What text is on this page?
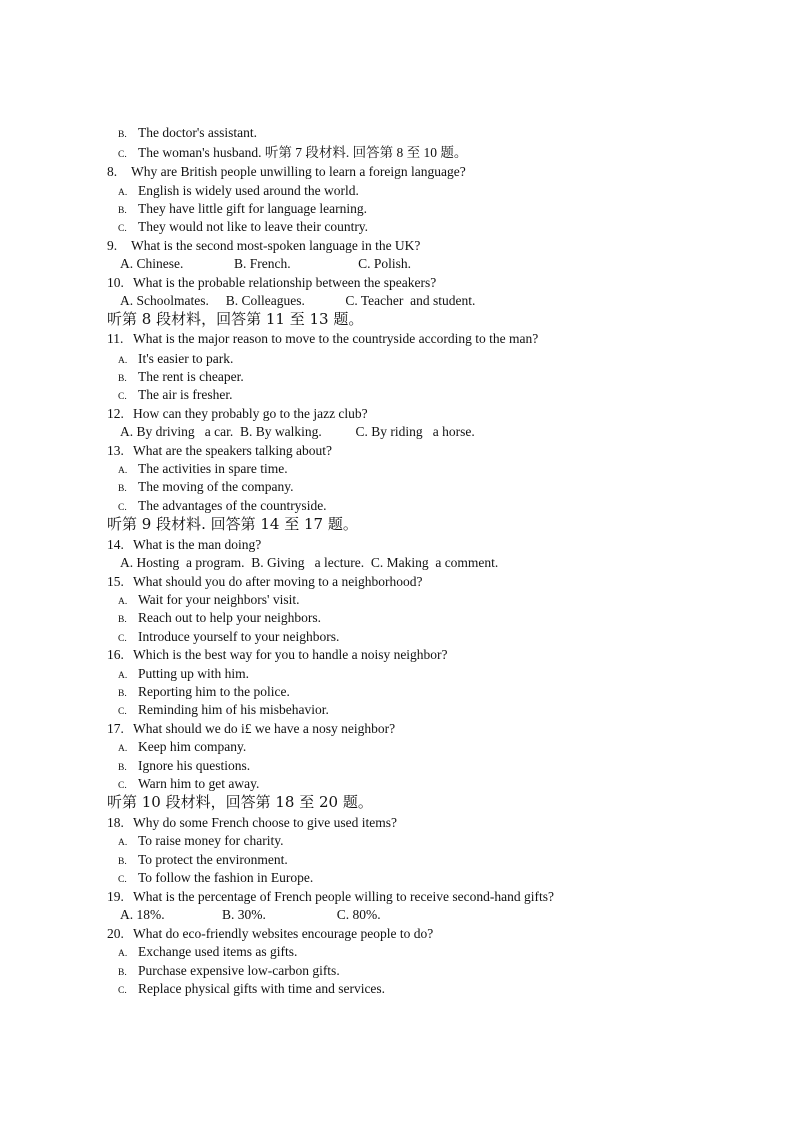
B. The doctor's assistant.
C. The woman's husband. 听第 7 段材料. 回答第 8 至 10 题。
8. Why are British people unwilling to learn a foreign language?
A. English is widely used around the world.
B. They have little gift for language learning.
C. They would not like to leave their country.
9. What is the second most-spoken language in the UK?
A. Chinese.               B. French.                    C. Polish.
10. What is the probable relationship between the speakers?
A. Schoolmates.     B. Colleagues.            C. Teacher  and student.
听第 8 段材料，回答第 11 至 13 题。
11. What is the major reason to move to the countryside according to the man?
A. It's easier to park.
B. The rent is cheaper.
C. The air is fresher.
12. How can they probably go to the jazz club?
A. By driving   a car.  B. By walking.          C. By riding   a horse.
13. What are the speakers talking about?
A. The activities in spare time.
B. The moving of the company.
C. The advantages of the countryside.
听第 9 段材料. 回答第 14 至 17 题。
14. What is the man doing?
A. Hosting  a program.  B. Giving   a lecture.  C. Making  a comment.
15. What should you do after moving to a neighborhood?
A. Wait for your neighbors' visit.
B. Reach out to help your neighbors.
C. Introduce yourself to your neighbors.
16. Which is the best way for you to handle a noisy neighbor?
A. Putting up with him.
B. Reporting him to the police.
C. Reminding him of his misbehavior.
17. What should we do i£ we have a nosy neighbor?
A. Keep him company.
B. Ignore his questions.
C. Warn him to get away.
听第 10 段材料，回答第 18 至 20 题。
18. Why do some French choose to give used items?
A. To raise money for charity.
B. To protect the environment.
C. To follow the fashion in Europe.
19. What is the percentage of French people willing to receive second-hand gifts?
A. 18%.                 B. 30%.                     C. 80%.
20. What do eco-friendly websites encourage people to do?
A. Exchange used items as gifts.
B. Purchase expensive low-carbon gifts.
C. Replace physical gifts with time and services.
